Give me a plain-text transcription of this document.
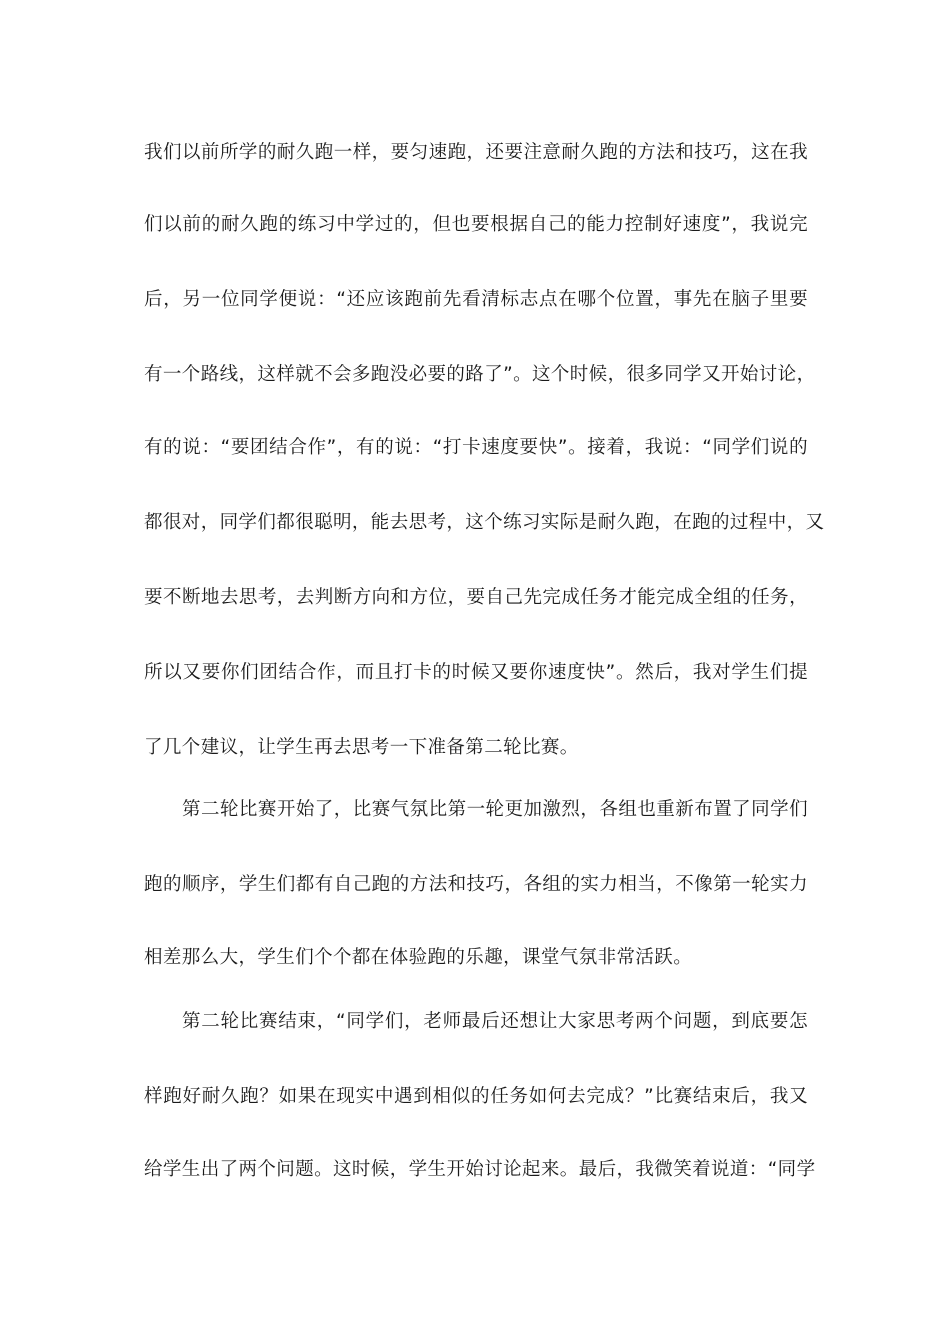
我们以前所学的耐久跑一样，要匀速跑，还要注意耐久跑的方法和技巧，这在我

们以前的耐久跑的练习中学过的，但也要根据自己的能力控制好速度”，我说完

后，另一位同学便说：“还应该跑前先看清标志点在哪个位置，事先在脑子里要

有一个路线，这样就不会多跑没必要的路了”。这个时候，很多同学又开始讨论，

有的说：“要团结合作”，有的说：“打卡速度要快”。接着，我说：“同学们说的

都很对，同学们都很聪明，能去思考，这个练习实际是耐久跑，在跑的过程中，又

要不断地去思考，去判断方向和方位，要自己先完成任务才能完成全组的任务，

所以又要你们团结合作，而且打卡的时候又要你速度快”。然后，我对学生们提

了几个建议，让学生再去思考一下准备第二轮比赛。

第二轮比赛开始了，比赛气氛比第一轮更加激烈，各组也重新布置了同学们

跑的顺序，学生们都有自己跑的方法和技巧，各组的实力相当，不像第一轮实力

相差那么大，学生们个个都在体验跑的乐趣，课堂气氛非常活跃。

第二轮比赛结束，“同学们，老师最后还想让大家思考两个问题，到底要怎

样跑好耐久跑？如果在现实中遇到相似的任务如何去完成？”比赛结束后，我又

给学生出了两个问题。这时候，学生开始讨论起来。最后，我微笑着说道：“同学
